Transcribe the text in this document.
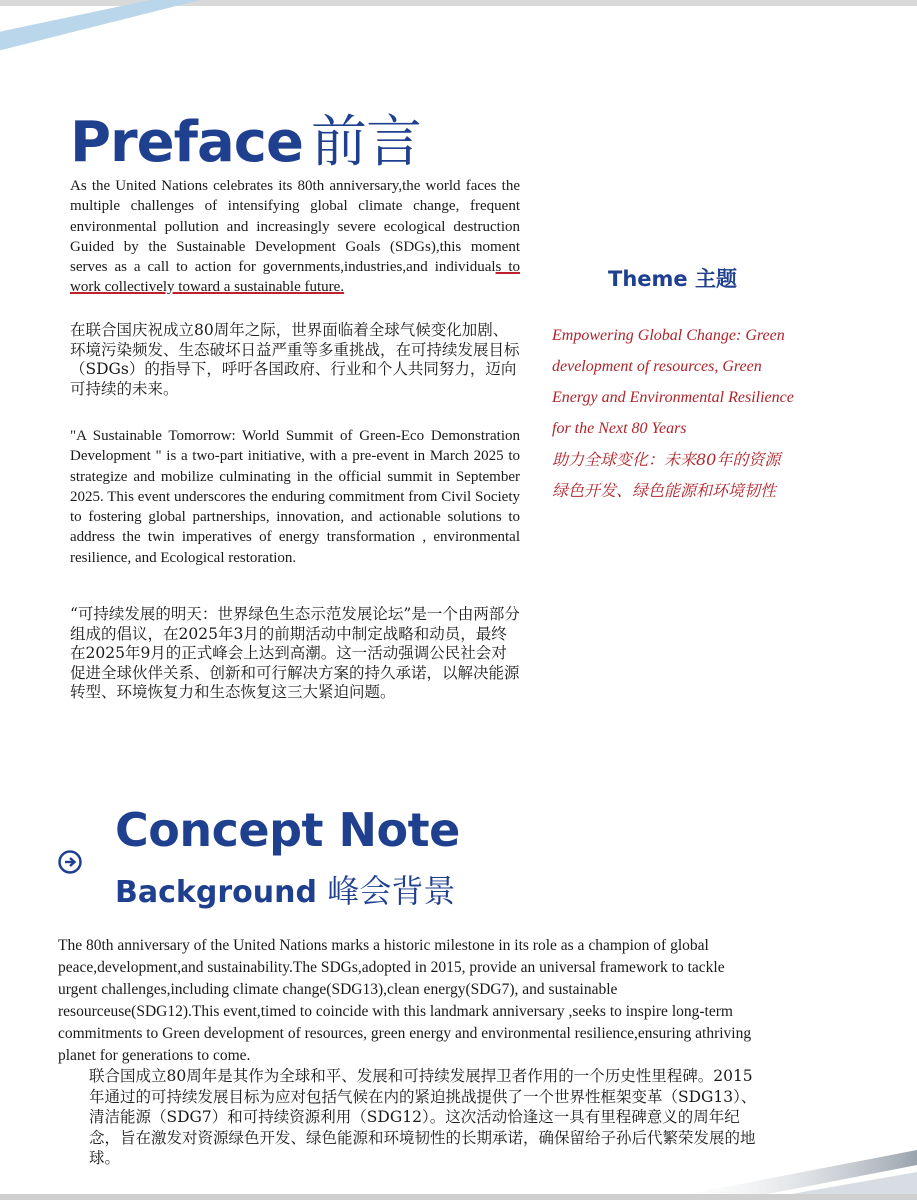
Preface 前言

As the United Nations celebrates its 80th anniversary,the world faces the multiple challenges of intensifying global climate change, frequent environmental pollution and increasingly severe ecological destruction Guided by the Sustainable Development Goals (SDGs),this moment serves as a call to action for governments,industries,and individuals to work collectively toward a sustainable future.

在联合国庆祝成立80周年之际，世界面临着全球气候变化加剧、环境污染频发、生态破坏日益严重等多重挑战，在可持续发展目标（SDGs）的指导下，呼吁各国政府、行业和个人共同努力，迈向可持续的未来。

"A Sustainable Tomorrow: World Summit of Green-Eco Demonstration Development " is a two-part initiative, with a pre-event in March 2025 to strategize and mobilize culminating in the official summit in September 2025. This event underscores the enduring commitment from Civil Society to fostering global partnerships, innovation, and actionable solutions to address the twin imperatives of energy transformation , environmental resilience, and Ecological restoration.

“可持续发展的明天：世界绿色生态示范发展论坛”是一个由两部分组成的倡议，在2025年3月的前期活动中制定战略和动员，最终在2025年9月的正式峰会上达到高潮。这一活动强调公民社会对促进全球伙伴关系、创新和可行解决方案的持久承诺，以解决能源转型、环境恢复力和生态恢复这三大紧迫问题。

Theme 主题
Empowering Global Change: Green
development of resources, Green
Energy and Environmental Resilience
for the Next 80 Years
助力全球变化：未来80年的资源
绿色开发、绿色能源和环境韧性
Concept Note
Background 峰会背景

The 80th anniversary of the United Nations marks a historic milestone in its role as a champion of global peace,development,and sustainability.The SDGs,adopted in 2015, provide an universal framework to tackle urgent challenges,including climate change(SDG13),clean energy(SDG7), and sustainable resourceuse(SDG12).This event,timed to coincide with this landmark anniversary ,seeks to inspire long-term commitments to Green development of resources, green energy and environmental resilience,ensuring athriving planet for generations to come.

联合国成立80周年是其作为全球和平、发展和可持续发展捍卫者作用的一个历史性里程碑。2015年通过的可持续发展目标为应对包括气候在内的紧迫挑战提供了一个世界性框架变革（SDG13）、清洁能源（SDG7）和可持续资源利用（SDG12）。这次活动恰逢这一具有里程碑意义的周年纪念，旨在激发对资源绿色开发、绿色能源和环境韧性的长期承诺，确保留给子孙后代繁荣发展的地球。
